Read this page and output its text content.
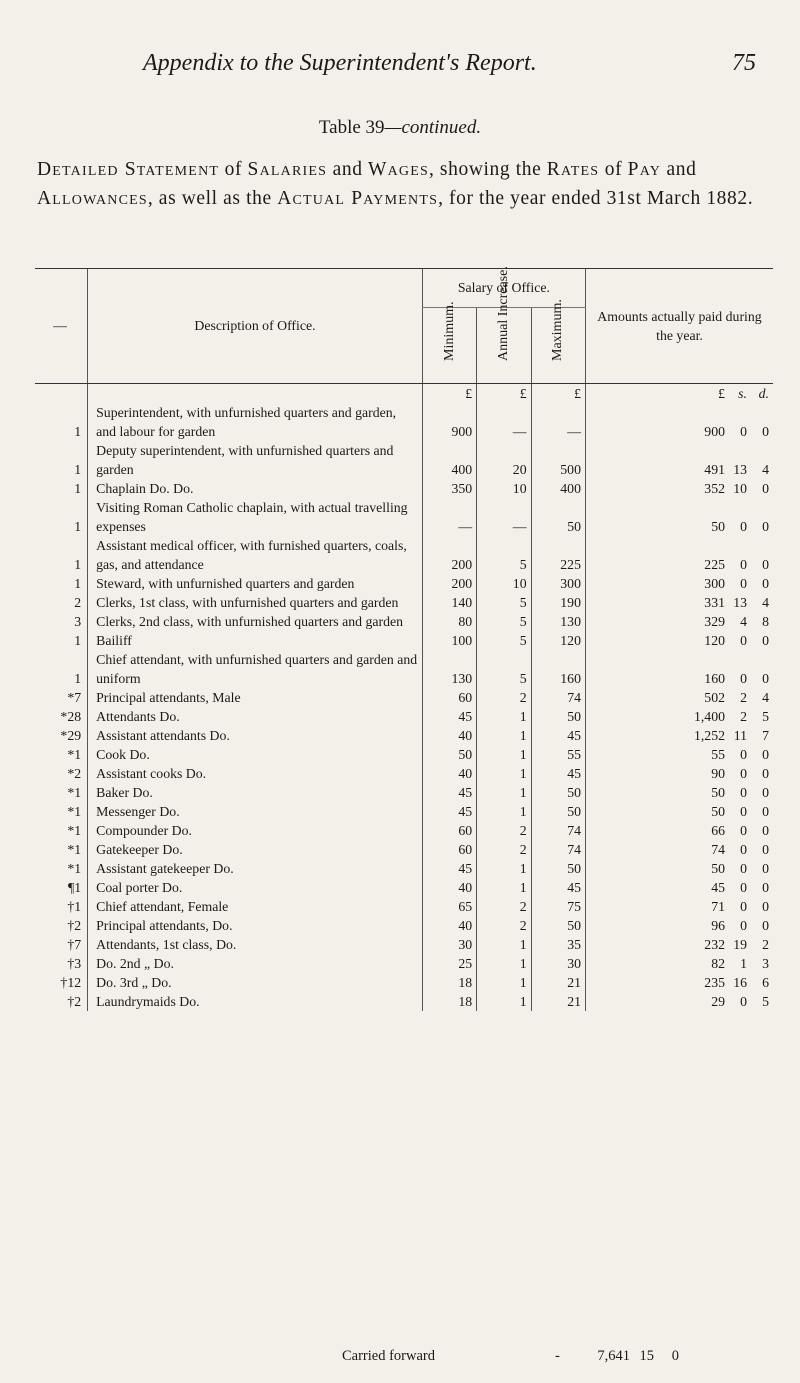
Appendix to the Superintendent's Report.	75
Table 39—continued.
Detailed Statement of Salaries and Wages, showing the Rates of Pay and Allowances, as well as the Actual Payments, for the year ended 31st March 1882.
—	Description of Office.	Salary of Office.			Amounts actually paid during the year.

		Minimum.	Annual Increase.	Maximum.	

		£	£	£	£ s. d.
1	Superintendent, with unfurnished quarters and garden, and labour for garden	900	—	—	900 0 0
1	Deputy superintendent, with unfurnished quarters and garden	400	20	500	491 13 4
1	Chaplain Do. Do.	350	10	400	352 10 0
1	Visiting Roman Catholic chaplain, with actual travelling expenses	—	—	50	50 0 0
1	Assistant medical officer, with furnished quarters, coals, gas, and attendance	200	5	225	225 0 0
1	Steward, with unfurnished quarters and garden	200	10	300	300 0 0
2	Clerks, 1st class, with unfurnished quarters and garden	140	5	190	331 13 4
3	Clerks, 2nd class, with unfurnished quarters and garden	80	5	130	329 4 8
1	Bailiff	100	5	120	120 0 0
1	Chief attendant, with unfurnished quarters and garden and uniform	130	5	160	160 0 0
*7	Principal attendants, Male	60	2	74	502 2 4
*28	Attendants Do.	45	1	50	1,400 2 5
*29	Assistant attendants Do.	40	1	45	1,252 11 7
*1	Cook Do.	50	1	55	55 0 0
*2	Assistant cooks Do.	40	1	45	90 0 0
*1	Baker Do.	45	1	50	50 0 0
*1	Messenger Do.	45	1	50	50 0 0
*1	Compounder Do.	60	2	74	66 0 0
*1	Gatekeeper Do.	60	2	74	74 0 0
*1	Assistant gatekeeper Do.	45	1	50	50 0 0
¶1	Coal porter Do.	40	1	45	45 0 0
†1	Chief attendant, Female	65	2	75	71 0 0
†2	Principal attendants, Do.	40	2	50	96 0 0
†7	Attendants, 1st class, Do.	30	1	35	232 19 2
†3	Do. 2nd „ Do.	25	1	30	82 1 3
†12	Do. 3rd „ Do.	18	1	21	235 16 6
†2	Laundrymaids Do.	18	1	21	29 0 5
Carried forward	-	7,641 15	0
